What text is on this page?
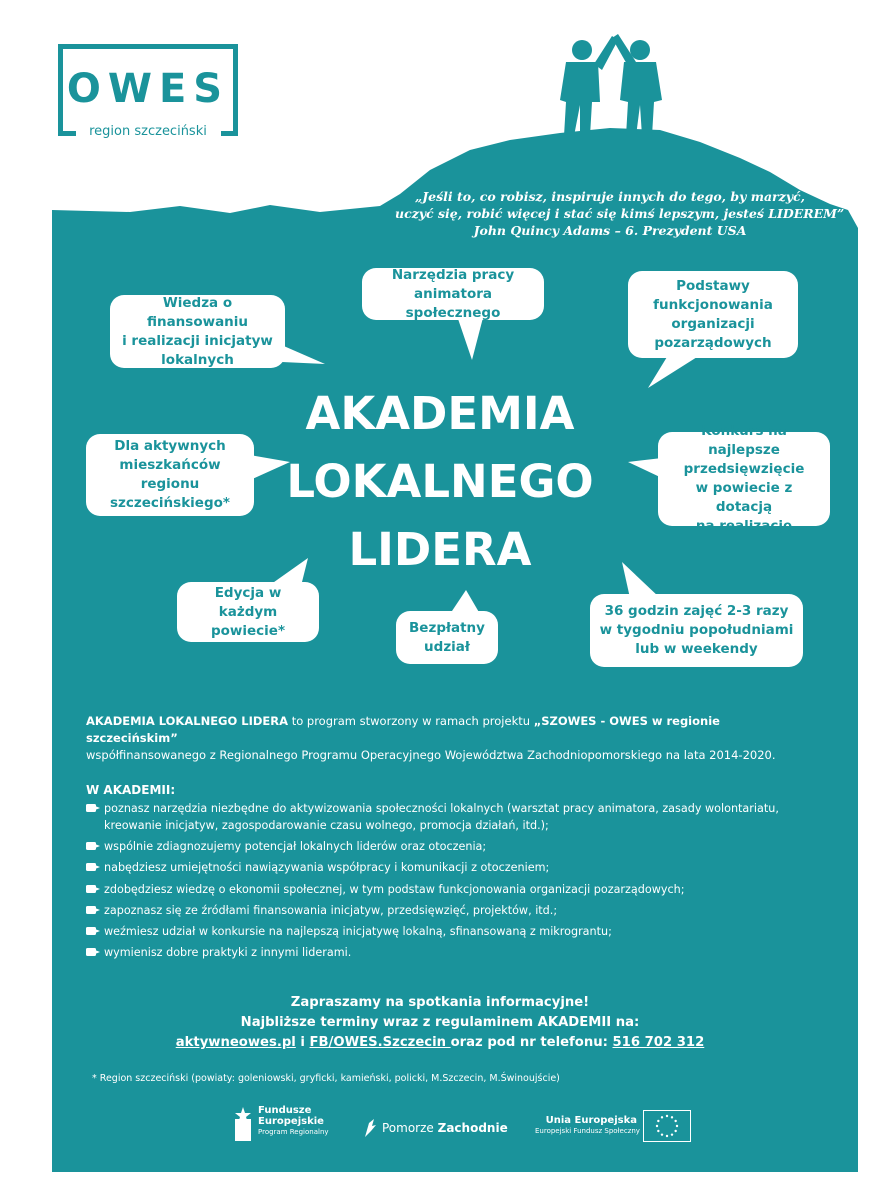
OWES
region szczeciński
„Jeśli to, co robisz, inspiruje innych do tego, by marzyć,
uczyć się, robić więcej i stać się kimś lepszym, jesteś LIDEREM”
John Quincy Adams – 6. Prezydent USA
Wiedza o finansowaniu
i realizacji inicjatyw
lokalnych
Narzędzia pracy
animatora społecznego
Podstawy
funkcjonowania
organizacji
pozarządowych
Dla aktywnych
mieszkańców regionu
szczecińskiego*
Konkurs na najlepsze
przedsięwzięcie
w powiecie z dotacją
na realizację
Edycja w każdym
powiecie*	Bezpłatny
udział
36 godzin zajęć 2-3 razy
w tygodniu popołudniami
lub w weekendy
AKADEMIA
LOKALNEGO
LIDERA
AKADEMIA LOKALNEGO LIDERA to program stworzony w ramach projektu „SZOWES - OWES w regionie szczecińskim”
współfinansowanego z Regionalnego Programu Operacyjnego Województwa Zachodniopomorskiego na lata 2014-2020.
W AKADEMII:
poznasz narzędzia niezbędne do aktywizowania społeczności lokalnych (warsztat pracy animatora, zasady wolontariatu, kreowanie inicjatyw, zagospodarowanie czasu wolnego, promocja działań, itd.);
wspólnie zdiagnozujemy potencjał lokalnych liderów oraz otoczenia;
nabędziesz umiejętności nawiązywania współpracy i komunikacji z otoczeniem;
zdobędziesz wiedzę o ekonomii społecznej, w tym podstaw funkcjonowania organizacji pozarządowych;
zapoznasz się ze źródłami finansowania inicjatyw, przedsięwzięć, projektów, itd.;
weźmiesz udział w konkursie na najlepszą inicjatywę lokalną, sfinansowaną z mikrograntu;
wymienisz dobre praktyki z innymi liderami.
Zapraszamy na spotkania informacyjne!
Najbliższe terminy wraz z regulaminem AKADEMII na:
aktywneowes.pl i FB/OWES.Szczecin oraz pod nr telefonu: 516 702 312
* Region szczeciński (powiaty: goleniowski, gryficki, kamieński, policki, M.Szczecin, M.Świnoujście)
Fundusze
Europejskie
Program Regionalny	Pomorze Zachodnie
Unia Europejska
Europejski Fundusz Społeczny
